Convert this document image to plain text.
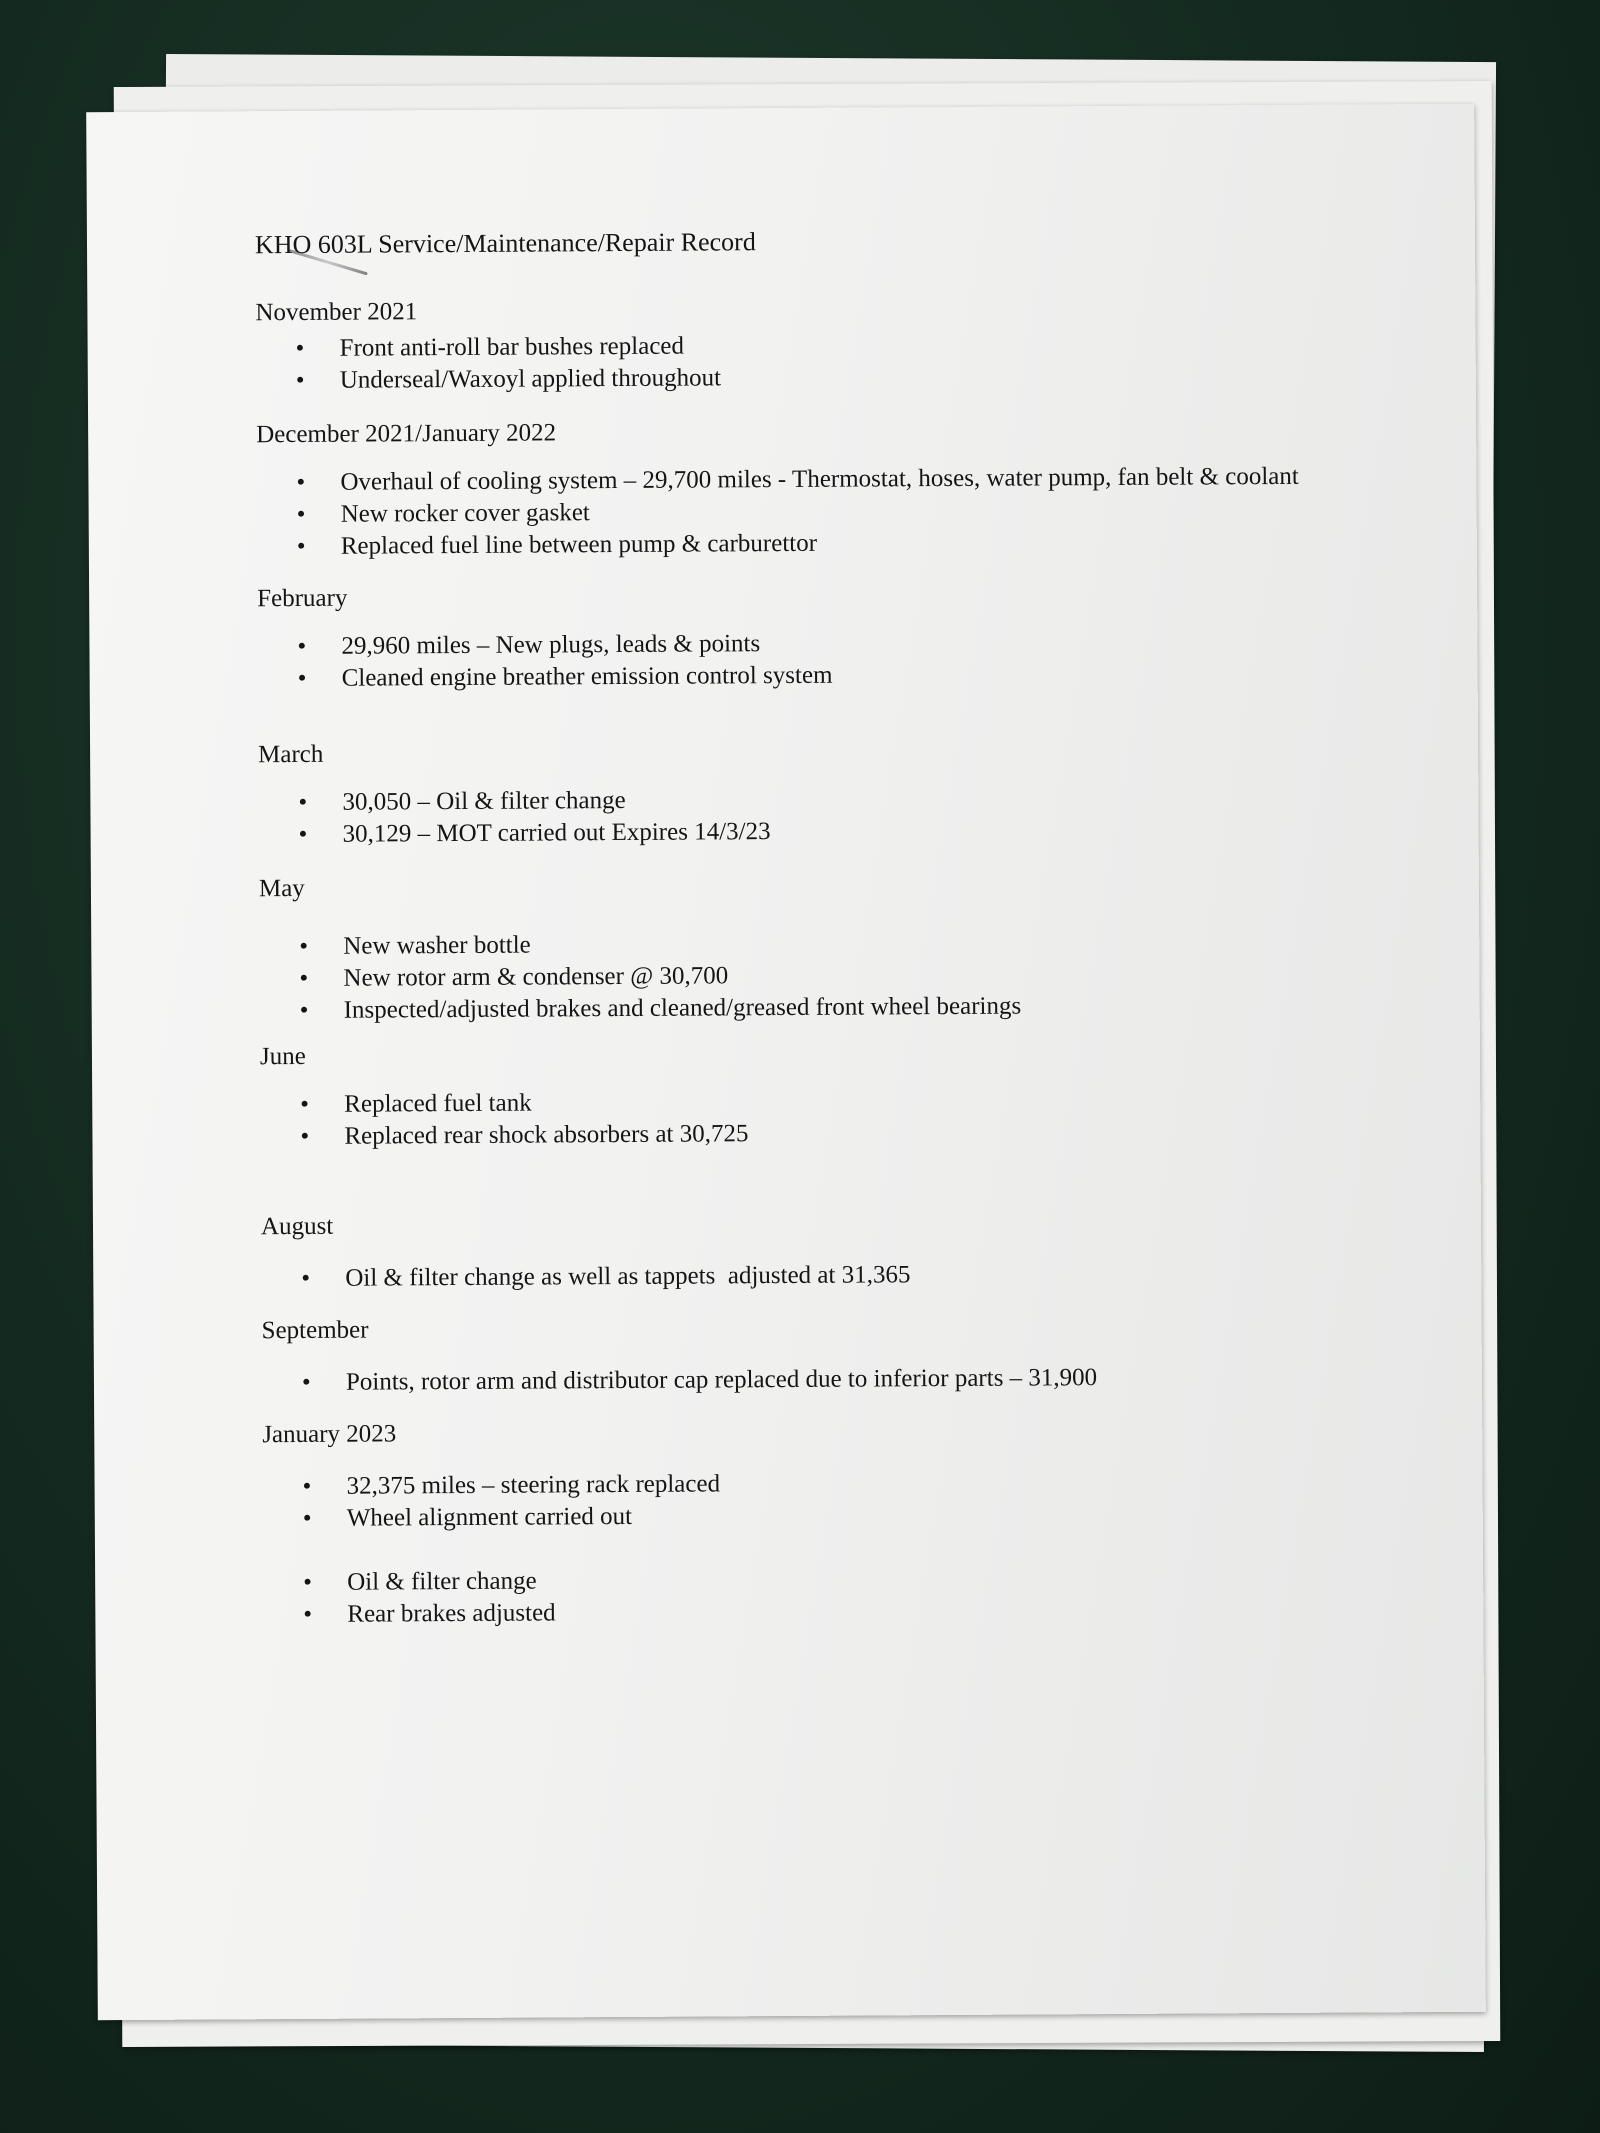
KHO 603L Service/Maintenance/Repair Record
November 2021
• Front anti-roll bar bushes replaced
• Underseal/Waxoyl applied throughout
December 2021/January 2022
• Overhaul of cooling system – 29,700 miles - Thermostat, hoses, water pump, fan belt & coolant
• New rocker cover gasket
• Replaced fuel line between pump & carburettor
February
• 29,960 miles – New plugs, leads & points
• Cleaned engine breather emission control system
March
• 30,050 – Oil & filter change
• 30,129 – MOT carried out Expires 14/3/23
May
• New washer bottle
• New rotor arm & condenser @ 30,700
• Inspected/adjusted brakes and cleaned/greased front wheel bearings
June
• Replaced fuel tank
• Replaced rear shock absorbers at 30,725
August
• Oil & filter change as well as tappets  adjusted at 31,365
September
• Points, rotor arm and distributor cap replaced due to inferior parts – 31,900
January 2023
• 32,375 miles – steering rack replaced
• Wheel alignment carried out
• Oil & filter change
• Rear brakes adjusted
